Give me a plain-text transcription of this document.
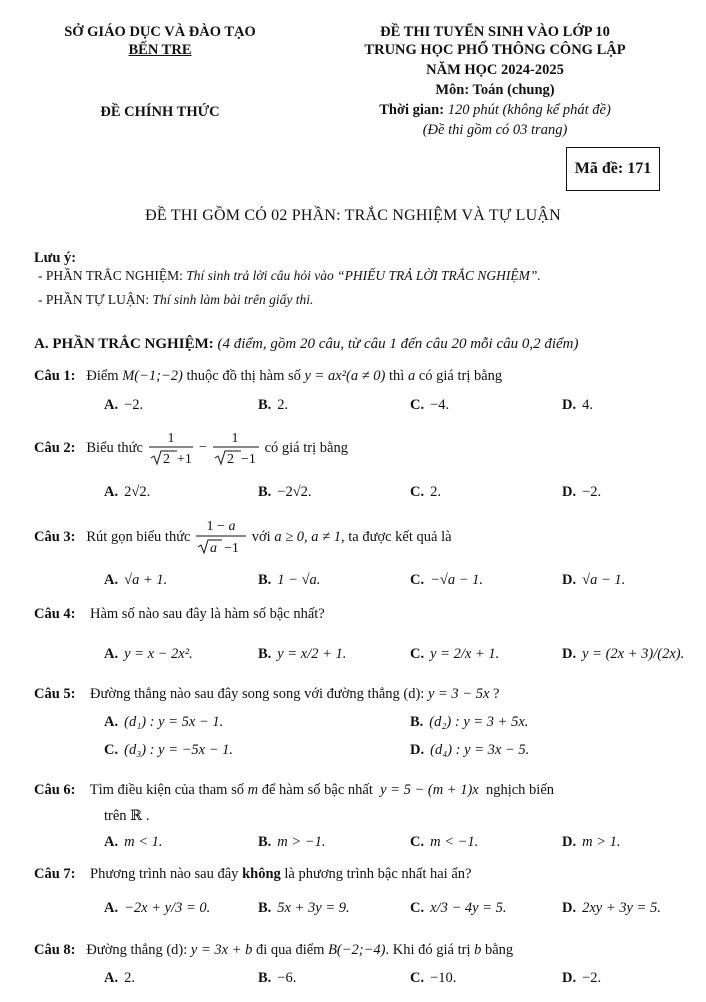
SỞ GIÁO DỤC VÀ ĐÀO TẠO
BẾN TRE
ĐỀ CHÍNH THỨC
ĐỀ THI TUYỂN SINH VÀO LỚP 10
TRUNG HỌC PHỔ THÔNG CÔNG LẬP
NĂM HỌC 2024-2025
Môn: Toán (chung)
Thời gian: 120 phút (không kể phát đề)
(Đề thi gồm có 03 trang)
Mã đề: 171
ĐỀ THI GỒM CÓ 02 PHẦN: TRẮC NGHIỆM VÀ TỰ LUẬN
Lưu ý:
- PHẦN TRẮC NGHIỆM: Thí sinh trả lời câu hỏi vào “PHIẾU TRẢ LỜI TRẮC NGHIỆM”.
- PHẦN TỰ LUẬN: Thí sinh làm bài trên giấy thi.
A. PHẦN TRẮC NGHIỆM: (4 điểm, gồm 20 câu, từ câu 1 đến câu 20 mỗi câu 0,2 điểm)
Câu 1: Điểm M(−1;−2) thuộc đồ thị hàm số y = ax²(a ≠ 0) thì a có giá trị bằng
A. −2.	B. 2.	C. −4.	D. 4.
Câu 2:
Biểu thức

1
2 +1
−
1
2 −1
có giá trị bằng
A. 2√2.	B. −2√2.	C. 2.	D. −2.
Câu 3:
Rút gọn biểu thức

1 − a
a −1

với
a ≥ 0, a ≠ 1 , ta được kết quả là
A. √a + 1.	B. 1 − √a.	C. −√a − 1.	D. √a − 1.
Câu 4: Hàm số nào sau đây là hàm số bậc nhất?
A. y = x − 2x².	B. y = x/2 + 1.	C. y = 2/x + 1.	D. y = (2x + 3)/(2x).
Câu 5: Đường thẳng nào sau đây song song với đường thẳng (d): y = 3 − 5x ?
A. (d₁) : y = 5x − 1.	B. (d₂) : y = 3 + 5x.
C. (d₃) : y = −5x − 1.	D. (d₄) : y = 3x − 5.
Câu 6: Tìm điều kiện của tham số m để hàm số bậc nhất y = 5 − (m + 1)x nghịch biến
trên ℝ .
A. m < 1.	B. m > −1.	C. m < −1.	D. m > 1.
Câu 7: Phương trình nào sau đây không là phương trình bậc nhất hai ẩn?
A. −2x + y/3 = 0.	B. 5x + 3y = 9.	C. x/3 − 4y = 5.	D. 2xy + 3y = 5.
Câu 8: Đường thẳng (d): y = 3x + b đi qua điểm B(−2;−4). Khi đó giá trị b bằng
A. 2.	B. −6.	C. −10.	D. −2.
